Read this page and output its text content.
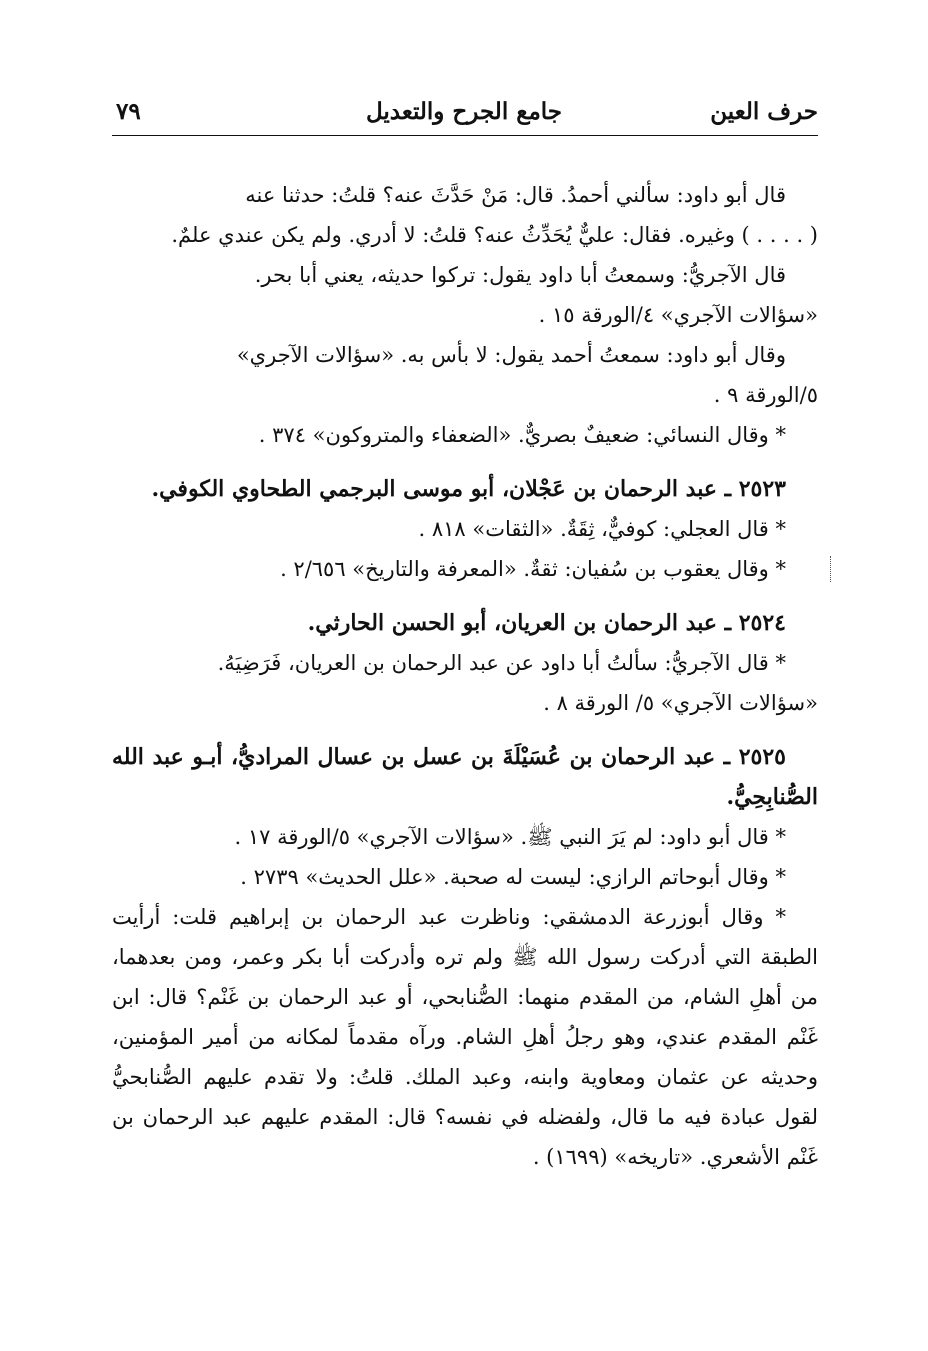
حرف العين
جامع الجرح والتعديل
٧٩

قال أبو داود: سألني أحمدُ. قال: مَنْ حَدَّثَ عنه؟ قلتُ: حدثنا عنه

( . . . . ) وغيره. فقال: عليٌّ يُحَدِّثُ عنه؟ قلتُ: لا أدري. ولم يكن عندي علمٌ.

قال الآجريُّ: وسمعتُ أبا داود يقول: تركوا حديثه، يعني أبا بحر.

«سؤالات الآجري» ٤/الورقة ١٥ .

وقال أبو داود: سمعتُ أحمد يقول: لا بأس به. «سؤالات الآجري»

٥/الورقة ٩ .

* وقال النسائي: ضعيفٌ بصريٌّ. «الضعفاء والمتروكون» ٣٧٤ .

٢٥٢٣ ـ عبد الرحمان بن عَجْلان، أبو موسى البرجمي الطحاوي الكوفي.

* قال العجلي: كوفيٌّ، ثِقَةٌ. «الثقات» ٨١٨ .

* وقال يعقوب بن سُفيان: ثقةٌ. «المعرفة والتاريخ» ٢/٦٥٦ .

٢٥٢٤ ـ عبد الرحمان بن العريان، أبو الحسن الحارثي.

* قال الآجريُّ: سألتُ أبا داود عن عبد الرحمان بن العريان، فَرَضِيَهُ.

«سؤالات الآجري» ٥/ الورقة ٨ .

٢٥٢٥ ـ عبد الرحمان بن عُسَيْلَةَ بن عسل بن عسال المراديُّ، أبـو عبد الله الصُّنابِحِيُّ.

* قال أبو داود: لم يَرَ النبي ﷺ. «سؤالات الآجري» ٥/الورقة ١٧ .

* وقال أبوحاتم الرازي: ليست له صحبة. «علل الحديث» ٢٧٣٩ .

* وقال أبوزرعة الدمشقي: وناظرت عبد الرحمان بن إبراهيم قلت: أرأيت الطبقة التي أدركت رسول الله ﷺ ولم تره وأدركت أبا بكر وعمر، ومن بعدهما، من أهلِ الشام، من المقدم منهما: الصُّنابحي، أو عبد الرحمان بن غَنْم؟ قال: ابن غَنْم المقدم عندي، وهو رجلُ أهلِ الشام. ورآه مقدماً لمكانه من أمير المؤمنين، وحديثه عن عثمان ومعاوية وابنه، وعبد الملك. قلتُ: ولا تقدم عليهم الصُّنابحيُّ لقول عبادة فيه ما قال، ولفضله في نفسه؟ قال: المقدم عليهم عبد الرحمان بن غَنْم الأشعري. «تاريخه» (١٦٩٩) .
